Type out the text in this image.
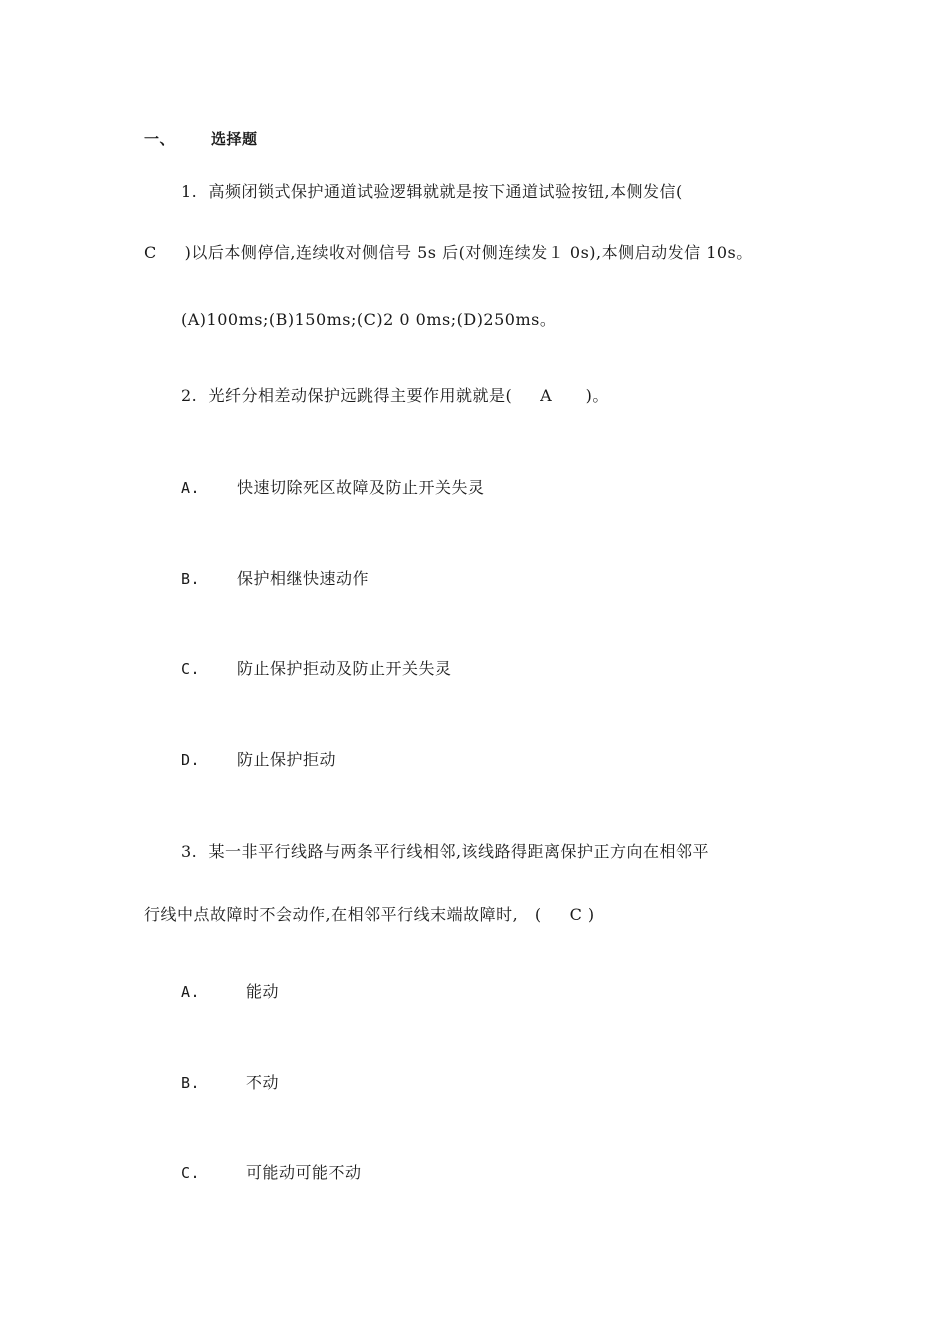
一、 选择题
1.  高频闭锁式保护通道试验逻辑就就是按下通道试验按钮,本侧发信(
C     )以后本侧停信,连续收对侧信号 5s 后(对侧连续发１ 0s),本侧启动发信 10s。
(A)100ms;(B)150ms;(C)2 0 0ms;(D)250ms。
2.  光纤分相差动保护远跳得主要作用就就是(     A      )。
A. 快速切除死区故障及防止开关失灵
B. 保护相继快速动作
C. 防止保护拒动及防止开关失灵
D. 防止保护拒动
3.  某一非平行线路与两条平行线相邻,该线路得距离保护正方向在相邻平
行线中点故障时不会动作,在相邻平行线末端故障时,   (     C )
A.	能动
B.	不动
C.	可能动可能不动
